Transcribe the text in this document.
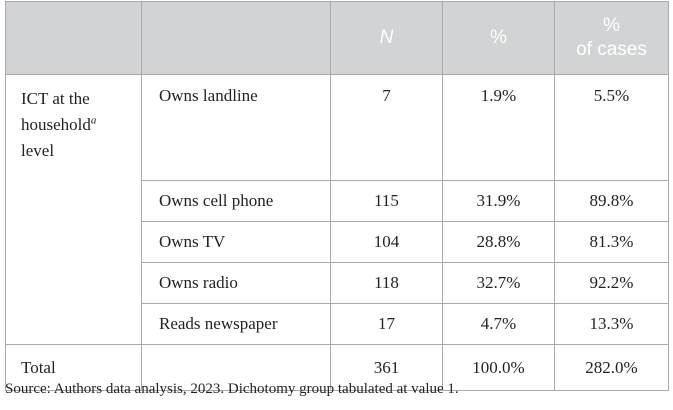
		N	%	%
of cases
ICT at the
household$^a$
level	Owns landline	7	1.9%	5.5%
	Owns cell phone	115	31.9%	89.8%
	Owns TV	104	28.8%	81.3%
	Owns radio	118	32.7%	92.2%
	Reads newspaper	17	4.7%	13.3%
Total		361	100.0%	282.0%
Source: Authors data analysis, 2023. Dichotomy group tabulated at value 1.
